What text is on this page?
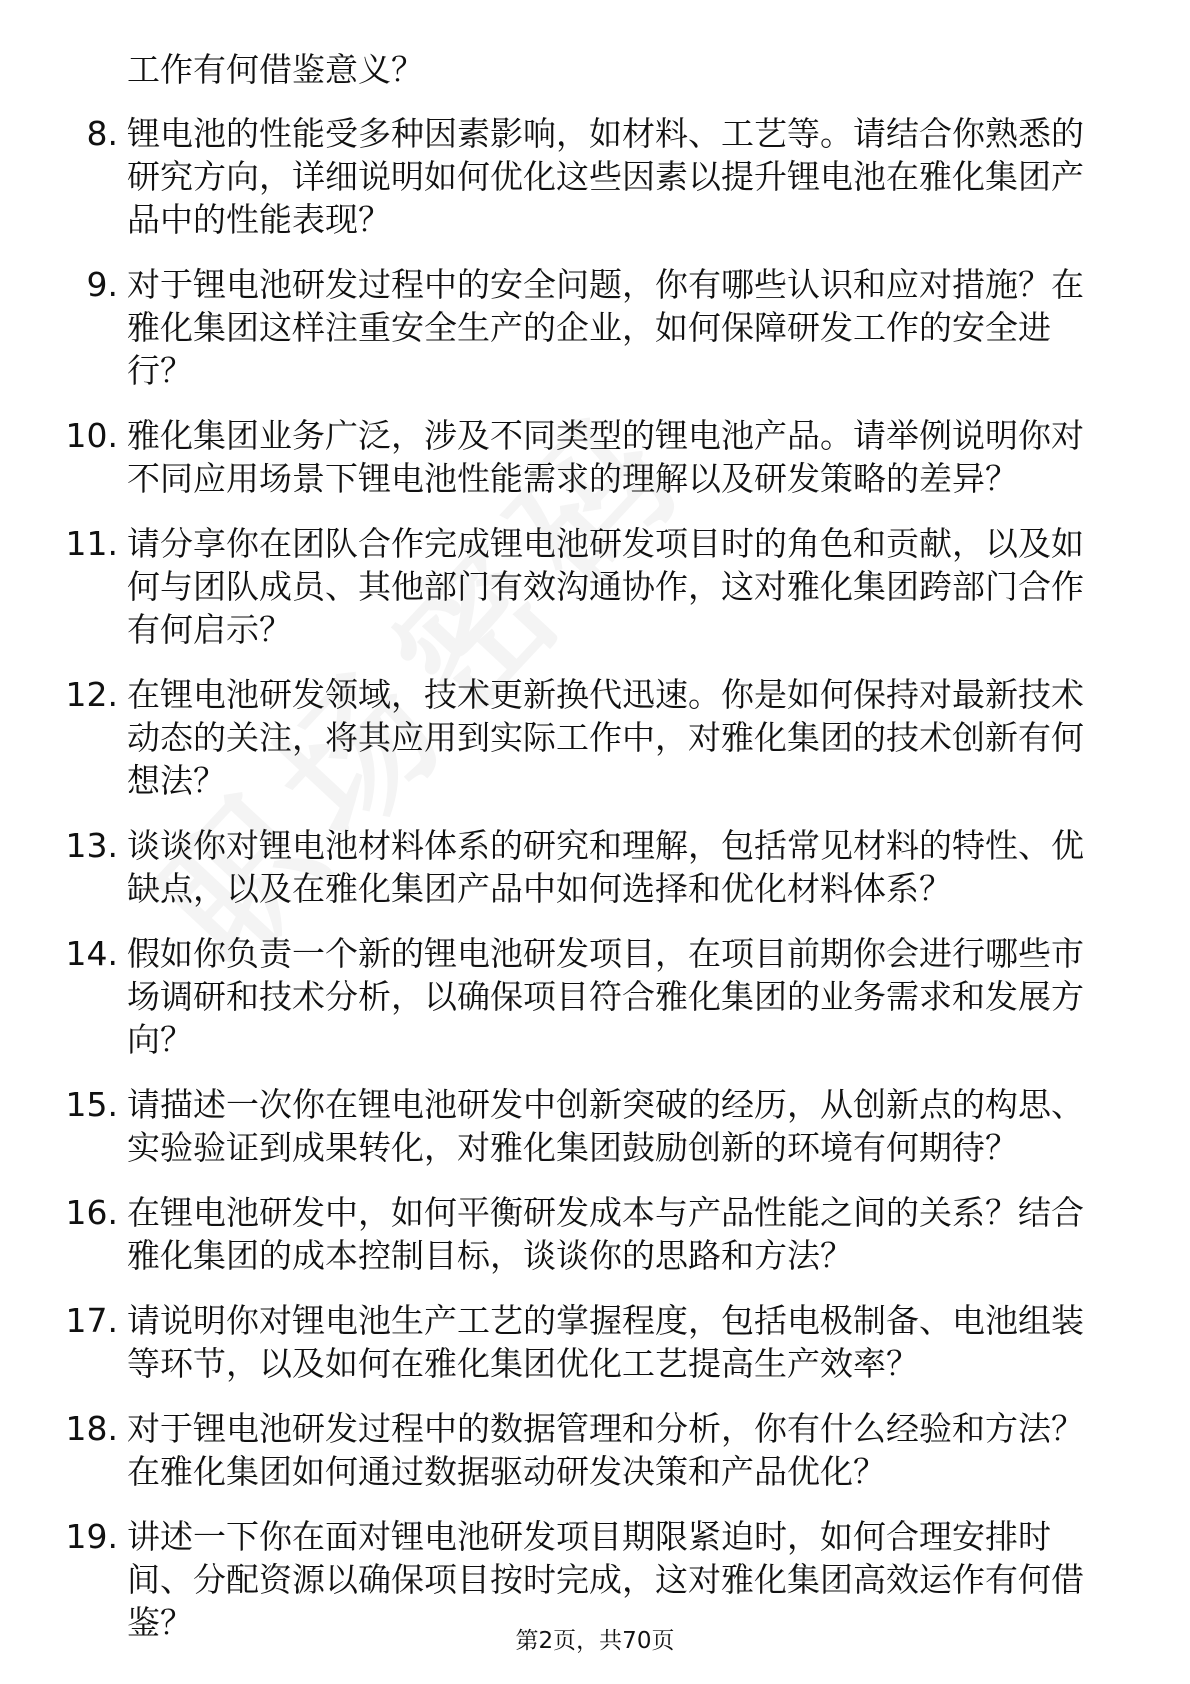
工作有何借鉴意义？
8. 锂电池的性能受多种因素影响，如材料、工艺等。请结合你熟悉的研究方向，详细说明如何优化这些因素以提升锂电池在雅化集团产品中的性能表现？
9. 对于锂电池研发过程中的安全问题，你有哪些认识和应对措施？在雅化集团这样注重安全生产的企业，如何保障研发工作的安全进行？
10. 雅化集团业务广泛，涉及不同类型的锂电池产品。请举例说明你对不同应用场景下锂电池性能需求的理解以及研发策略的差异？
11. 请分享你在团队合作完成锂电池研发项目时的角色和贡献，以及如何与团队成员、其他部门有效沟通协作，这对雅化集团跨部门合作有何启示？
12. 在锂电池研发领域，技术更新换代迅速。你是如何保持对最新技术动态的关注，将其应用到实际工作中，对雅化集团的技术创新有何想法？
13. 谈谈你对锂电池材料体系的研究和理解，包括常见材料的特性、优缺点，以及在雅化集团产品中如何选择和优化材料体系？
14. 假如你负责一个新的锂电池研发项目，在项目前期你会进行哪些市场调研和技术分析，以确保项目符合雅化集团的业务需求和发展方向？
15. 请描述一次你在锂电池研发中创新突破的经历，从创新点的构思、实验验证到成果转化，对雅化集团鼓励创新的环境有何期待？
16. 在锂电池研发中，如何平衡研发成本与产品性能之间的关系？结合雅化集团的成本控制目标，谈谈你的思路和方法？
17. 请说明你对锂电池生产工艺的掌握程度，包括电极制备、电池组装等环节，以及如何在雅化集团优化工艺提高生产效率？
18. 对于锂电池研发过程中的数据管理和分析，你有什么经验和方法？在雅化集团如何通过数据驱动研发决策和产品优化？
19. 讲述一下你在面对锂电池研发项目期限紧迫时，如何合理安排时间、分配资源以确保项目按时完成，这对雅化集团高效运作有何借鉴？	第2页，共70页
